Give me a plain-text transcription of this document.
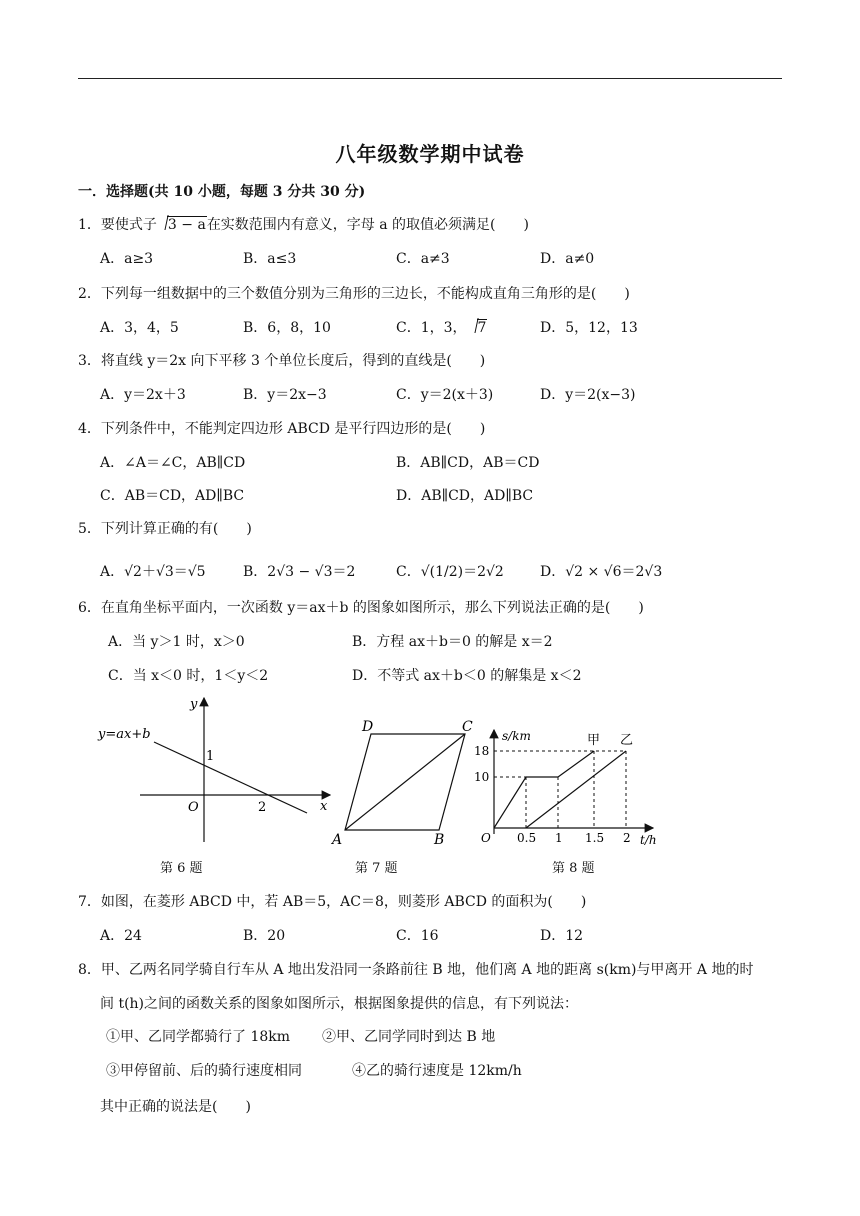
八年级数学期中试卷
一．选择题(共 10 小题，每题 3 分共 30 分)
1．要使式子 3 − a在实数范围内有意义，字母 a 的取值必须满足(　　)
A．a≥3	B．a≤3	C．a≠3	D．a≠0
2．下列每一组数据中的三个数值分别为三角形的三边长，不能构成直角三角形的是(　　)
A．3，4，5	B．6，8，10	C．1，3， 7	D．5，12，13
3．将直线 y＝2x 向下平移 3 个单位长度后，得到的直线是(　　)
A．y＝2x＋3	B．y＝2x−3	C．y＝2(x＋3)	D．y＝2(x−3)
4．下列条件中，不能判定四边形 ABCD 是平行四边形的是(　　)
A．∠A＝∠C，AB∥CD	B．AB∥CD，AB＝CD
C．AB＝CD，AD∥BC	D．AB∥CD，AD∥BC
5．下列计算正确的有(　　)
A．√2＋√3＝√5	B．2√3 − √3＝2	C．√(1/2)＝2√2	D．√2 × √6＝2√3
6．在直角坐标平面内，一次函数 y＝ax＋b 的图象如图所示，那么下列说法正确的是(　　)
A．当 y＞1 时，x＞0	B．方程 ax＋b＝0 的解是 x＝2
C．当 x＜0 时，1＜y＜2	D．不等式 ax＋b＜0 的解集是 x＜2
y=ax+b
y
x
O
1
2
第 6 题
D	C
A	B
第 7 题
s/km
t/h
甲 乙
O
18
10
0.5 1 1.5 2
第 8 题
7．如图，在菱形 ABCD 中，若 AB＝5，AC＝8，则菱形 ABCD 的面积为(　　)
A．24	B．20	C．16	D．12
8．甲、乙两名同学骑自行车从 A 地出发沿同一条路前往 B 地，他们离 A 地的距离 s(km)与甲离开 A 地的时
间 t(h)之间的函数关系的图象如图所示，根据图象提供的信息，有下列说法：
①甲、乙同学都骑行了 18km ②甲、乙同学同时到达 B 地
③甲停留前、后的骑行速度相同	④乙的骑行速度是 12km/h
其中正确的说法是(　　)
